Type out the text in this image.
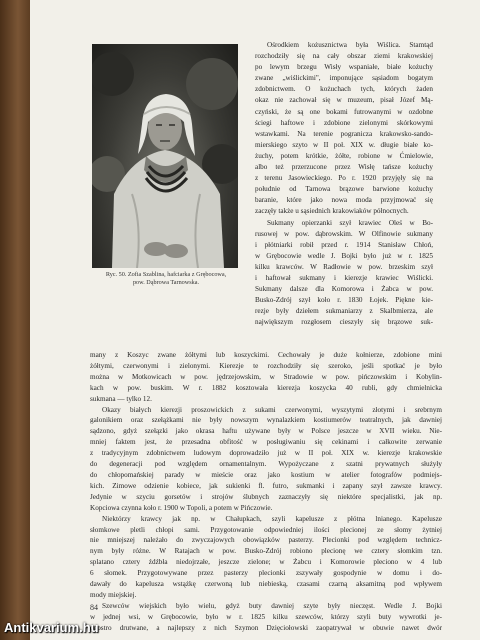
Ryc. 50. Zofia Szablina, hafciarka z Grębocowa,
pow. Dąbrowa Tarnowska.
Ośrodkiem kożusznictwa była Wiślica. Stamtąd
rozchodziły się na cały obszar ziemi krakowskiej
po lewym brzegu Wisły wspaniałe, białe kożuchy
zwane „wiślickimi", imponujące sąsiadom bogatym
zdobnictwem. O kożuchach tych, których żaden
okaz nie zachował się w muzeum, pisał Józef Mą-
czyński, że są one bokami futrowanymi w ozdobne
ściegi haftowe i zdobione zielonymi skórkowymi
wstawkami. Na terenie pogranicza krakowsko-sando-
mierskiego szyto w II poł. XIX w. długie białe ko-
żuchy, potem krótkie, żółte, robione w Ćmielowie,
albo też przerzucone przez Wisłę tańsze kożuchy
z terenu Jasowieckiego. Po r. 1920 przyjęły się na
południe od Tarnowa brązowe barwione kożuchy
baranie, które jako nowa moda przyjmować się
zaczęły także u sąsiednich krakowiaków północnych.
Sukmany opierzanki szył krawiec Oleś w Bo-
rusowej w pow. dąbrowskim. W Olfinowie sukmany
i płótniarki robił przed r. 1914 Stanisław Chłoń,
w Grębocowie wedle J. Bojki było już w r. 1825
kilku krawców. W Radłowie w pow. brzeskim szył
i haftował sukmany i kierezje krawiec Wiślicki.
Sukmany dalsze dla Komorowa i Żabca w pow.
Busko-Zdrój szył koło r. 1830 Łojek. Piękne kie-
rezje były dziełem sukmaniarzy z Skalbmierza, ale
największym rozgłosem cieszyły się brązowe suk-
many z Koszyc zwane żółtymi lub koszyckimi. Cechowały je duże kołnierze, zdobione mini
żółtymi, czerwonymi i zielonymi. Kierezje te rozchodziły się szeroko, jeśli spotkać je było
można w Motkowicach w pow. jędrzejowskim, w Stradowie w pow. pińczowskim i Kobylin-
kach w pow. buskim. W r. 1882 kosztowała kierezja koszycka 40 rubli, gdy chmielnicka
sukmana — tylko 12.
Okazy białych kierezji proszowickich z sukami czerwonymi, wyszytymi złotymi i srebrnym
galonikiem oraz szełążkami nie były nowszym wynalazkiem kostiumerów teatralnych, jak dawniej
sądzono, gdyż szełązki jako okrasa haftu używane były w Polsce jeszcze w XVII wieku. Nie-
mniej faktem jest, że przesadna obfitość w posługiwaniu się cekinami i całkowite zerwanie
z tradycyjnym zdobnictwem ludowym doprowadziło już w II poł. XIX w. kierezje krakowskie
do degeneracji pod względem ornamentalnym. Wypożyczane z szatni prywatnych służyły
do chłopomańskiej parady w mieście oraz jako kostium w atelier fotografów podmiejs-
kich. Zimowe odzienie kobiece, jak sukienki fl. futro, sukmanki i zapany szył zawsze krawcy.
Jedynie w szyciu gorsetów i strojów ślubnych zaznaczyły się niektóre specjalistki, jak np.
Kopciowa czynna koło r. 1900 w Topoli, a potem w Pińczowie.
Niektórzy krawcy jak np. w Chałupkach, szyli kapelusze z płótna lnianego. Kapelusze
słomkowe pletli chłopi sami. Przygotowanie odpowiedniej ilości plecionej ze słomy żytniej
nie mniejszej należało do zwyczajowych obowiązków pasterzy. Plecionki pod względem technicz-
nym były różne. W Ratajach w pow. Busko-Zdrój robiono plecionę we cztery słomkim tzn.
splatano cztery źdźbła niedojrzałe, jeszcze zielone; w Żabcu i Komorowie pleciono w 4 lub
6 słomek. Przygotowywane przez pasterzy plecionki zszywały gospodynie w domu i do-
dawały do kapelusza wstążkę czerwoną lub niebieską, czasami czarną aksamitną pod wpływem
mody miejskiej.
Szewców wiejskich było wielu, gdyż buty dawniej szyte były nieczęst. Wedle J. Bojki
w jednej wsi, w Grębocowie, było w r. 1825 kilku szewców, którzy szyli buty wywrotki je-
dnostro drutwane, a najlepszy z nich Szymon Dzięciołowski zaopatrywał w obuwie nawet dwór
84
Antikvarium.hu
